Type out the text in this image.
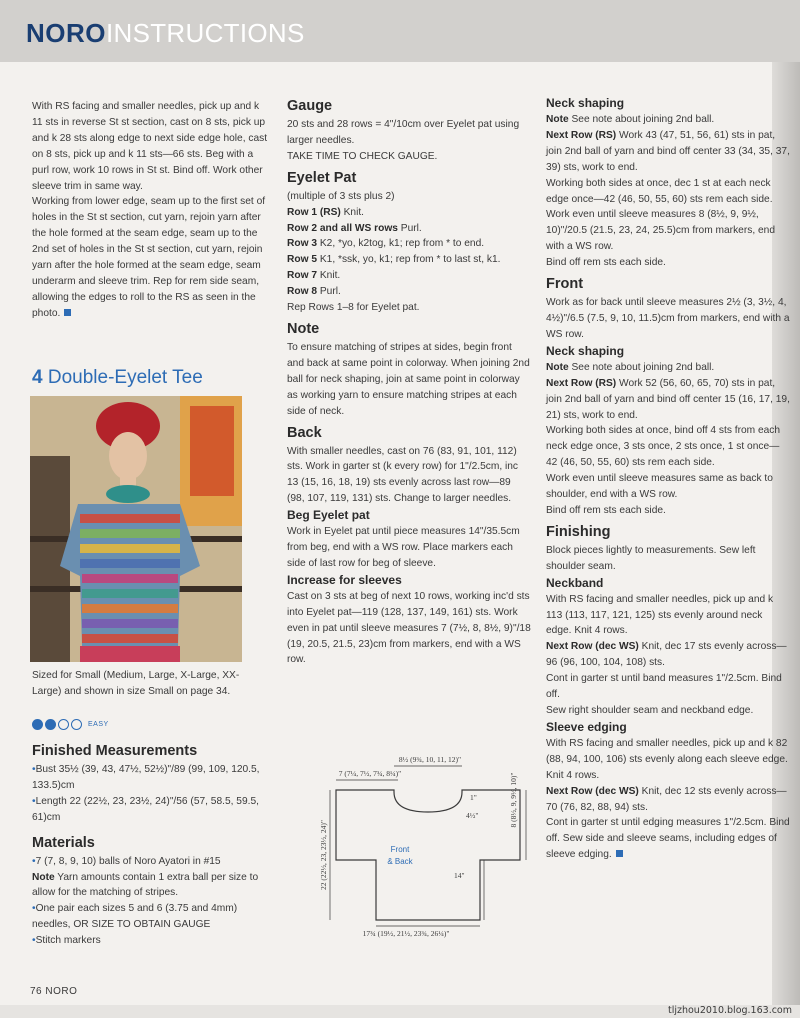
NOROINSTRUCTIONS

With RS facing and smaller needles, pick up and k 11 sts in reverse St st section, cast on 8 sts, pick up and k 28 sts along edge to next side edge hole, cast on 8 sts, pick up and k 11 sts—66 sts. Beg with a purl row, work 10 rows in St st. Bind off. Work other sleeve trim in same way.

Working from lower edge, seam up to the first set of holes in the St st section, cut yarn, rejoin yarn after the hole formed at the seam edge, seam up to the 2nd set of holes in the St st section, cut yarn, rejoin yarn after the hole formed at the seam edge, seam underarm and sleeve trim. Rep for rem side seam, allowing the edges to roll to the RS as seen in the photo.

4 Double-Eyelet Tee
Sized for Small (Medium, Large, X-Large, XX-Large) and shown in size Small on page 34.
EASY
Finished Measurements

•Bust 35½ (39, 43, 47½, 52½)"/89 (99, 109, 120.5, 133.5)cm

•Length 22 (22½, 23, 23½, 24)"/56 (57, 58.5, 59.5, 61)cm

Materials

•7 (7, 8, 9, 10) balls of Noro Ayatori in #15

Note Yarn amounts contain 1 extra ball per size to allow for the matching of stripes.

•One pair each sizes 5 and 6 (3.75 and 4mm) needles, OR SIZE TO OBTAIN GAUGE

•Stitch markers

Gauge

20 sts and 28 rows = 4"/10cm over Eyelet pat using larger needles.

TAKE TIME TO CHECK GAUGE.

Eyelet Pat

(multiple of 3 sts plus 2)

Row 1 (RS) Knit.

Row 2 and all WS rows Purl.

Row 3 K2, *yo, k2tog, k1; rep from * to end.

Row 5 K1, *ssk, yo, k1; rep from * to last st, k1.

Row 7 Knit.

Row 8 Purl.

Rep Rows 1–8 for Eyelet pat.

Note

To ensure matching of stripes at sides, begin front and back at same point in colorway. When joining 2nd ball for neck shaping, join at same point in colorway as working yarn to ensure matching stripes at each side of neck.

Back

With smaller needles, cast on 76 (83, 91, 101, 112) sts. Work in garter st (k every row) for 1"/2.5cm, inc 13 (15, 16, 18, 19) sts evenly across last row—89 (98, 107, 119, 131) sts. Change to larger needles.

Beg Eyelet pat

Work in Eyelet pat until piece measures 14"/35.5cm from beg, end with a WS row. Place markers each side of last row for beg of sleeve.

Increase for sleeves

Cast on 3 sts at beg of next 10 rows, working inc'd sts into Eyelet pat—119 (128, 137, 149, 161) sts. Work even in pat until sleeve measures 7 (7½, 8, 8½, 9)"/18 (19, 20.5, 21.5, 23)cm from markers, end with a WS row.

8½ (9¾, 10, 11, 12)"
7 (7¼, 7½, 7¾, 8¼)"
22 (22½, 23, 23½, 24)"
8 (8½, 9, 9½, 10)"
1"
4½"
14"
Front
& Back
17¾ (19½, 21½, 23¾, 26¼)"
Neck shaping

Note See note about joining 2nd ball.

Next Row (RS) Work 43 (47, 51, 56, 61) sts in pat, join 2nd ball of yarn and bind off center 33 (34, 35, 37, 39) sts, work to end.

Working both sides at once, dec 1 st at each neck edge once—42 (46, 50, 55, 60) sts rem each side. Work even until sleeve measures 8 (8½, 9, 9½, 10)"/20.5 (21.5, 23, 24, 25.5)cm from markers, end with a WS row.

Bind off rem sts each side.

Front

Work as for back until sleeve measures 2½ (3, 3½, 4, 4½)"/6.5 (7.5, 9, 10, 11.5)cm from markers, end with a WS row.

Neck shaping

Note See note about joining 2nd ball.

Next Row (RS) Work 52 (56, 60, 65, 70) sts in pat, join 2nd ball of yarn and bind off center 15 (16, 17, 19, 21) sts, work to end.

Working both sides at once, bind off 4 sts from each neck edge once, 3 sts once, 2 sts once, 1 st once—42 (46, 50, 55, 60) sts rem each side.

Work even until sleeve measures same as back to shoulder, end with a WS row.

Bind off rem sts each side.

Finishing

Block pieces lightly to measurements. Sew left shoulder seam.

Neckband

With RS facing and smaller needles, pick up and k 113 (113, 117, 121, 125) sts evenly around neck edge. Knit 4 rows.

Next Row (dec WS) Knit, dec 17 sts evenly across—96 (96, 100, 104, 108) sts.

Cont in garter st until band measures 1"/2.5cm. Bind off.

Sew right shoulder seam and neckband edge.

Sleeve edging

With RS facing and smaller needles, pick up and k 82 (88, 94, 100, 106) sts evenly along each sleeve edge.

Knit 4 rows.

Next Row (dec WS) Knit, dec 12 sts evenly across—70 (76, 82, 88, 94) sts.

Cont in garter st until edging measures 1"/2.5cm. Bind off. Sew side and sleeve seams, including edges of sleeve edging.

76 NORO
tljzhou2010.blog.163.com
